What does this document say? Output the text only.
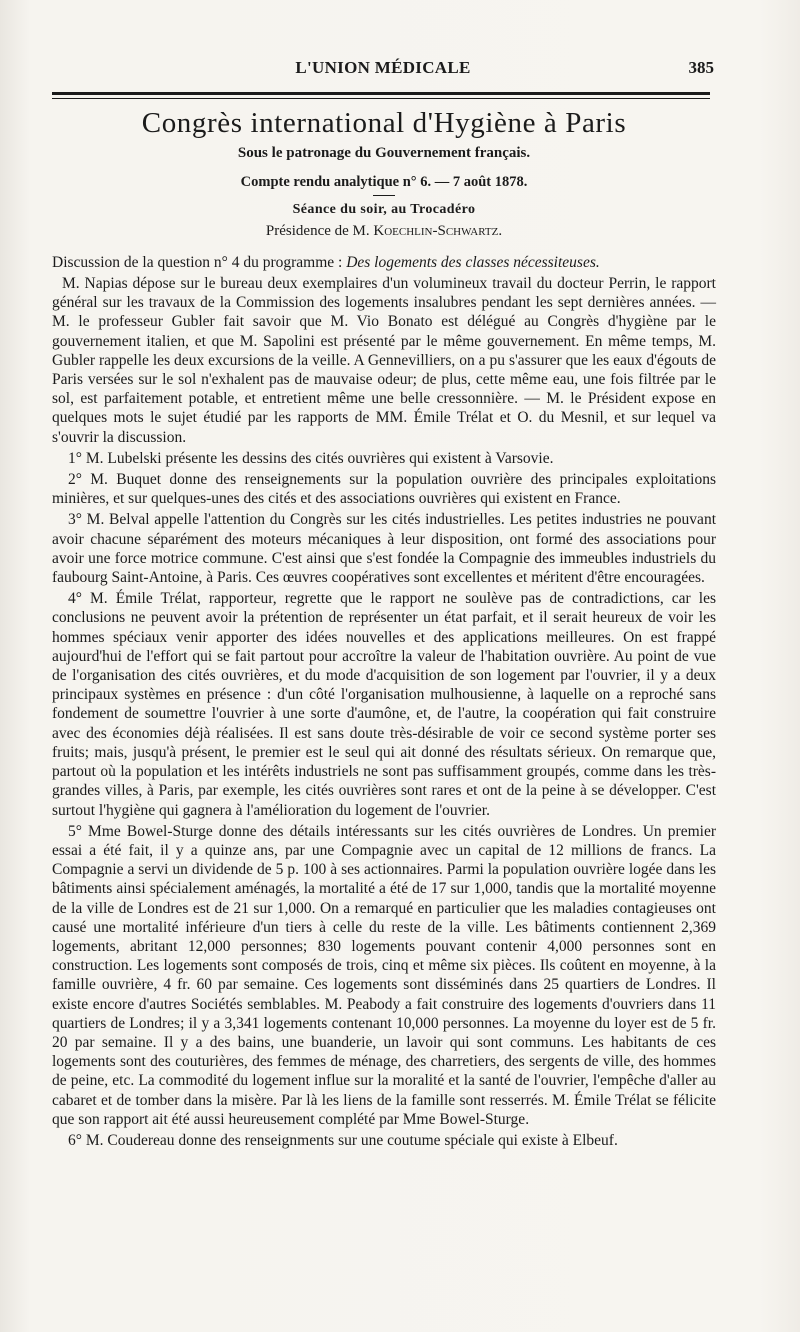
L'UNION MÉDICALE	385
Congrès international d'Hygiène à Paris
Sous le patronage du Gouvernement français.
Compte rendu analytique n° 6. — 7 août 1878.
Séance du soir, au Trocadéro
Présidence de M. Koechlin-Schwartz.
Discussion de la question n° 4 du programme : Des logements des classes nécessiteuses.

M. Napias dépose sur le bureau deux exemplaires d'un volumineux travail du docteur Perrin, le rapport général sur les travaux de la Commission des logements insalubres pendant les sept dernières années. — M. le professeur Gubler fait savoir que M. Vio Bonato est délégué au Congrès d'hygiène par le gouvernement italien, et que M. Sapolini est présenté par le même gouvernement. En même temps, M. Gubler rappelle les deux excursions de la veille. A Gennevilliers, on a pu s'assurer que les eaux d'égouts de Paris versées sur le sol n'exhalent pas de mauvaise odeur; de plus, cette même eau, une fois filtrée par le sol, est parfaitement potable, et entretient même une belle cressonnière. — M. le Président expose en quelques mots le sujet étudié par les rapports de MM. Émile Trélat et O. du Mesnil, et sur lequel va s'ouvrir la discussion.

1° M. Lubelski présente les dessins des cités ouvrières qui existent à Varsovie.

2° M. Buquet donne des renseignements sur la population ouvrière des principales exploitations minières, et sur quelques-unes des cités et des associations ouvrières qui existent en France.

3° M. Belval appelle l'attention du Congrès sur les cités industrielles. Les petites industries ne pouvant avoir chacune séparément des moteurs mécaniques à leur disposition, ont formé des associations pour avoir une force motrice commune. C'est ainsi que s'est fondée la Compagnie des immeubles industriels du faubourg Saint-Antoine, à Paris. Ces œuvres coopératives sont excellentes et méritent d'être encouragées.

4° M. Émile Trélat, rapporteur, regrette que le rapport ne soulève pas de contradictions, car les conclusions ne peuvent avoir la prétention de représenter un état parfait, et il serait heureux de voir les hommes spéciaux venir apporter des idées nouvelles et des applications meilleures. On est frappé aujourd'hui de l'effort qui se fait partout pour accroître la valeur de l'habitation ouvrière. Au point de vue de l'organisation des cités ouvrières, et du mode d'acquisition de son logement par l'ouvrier, il y a deux principaux systèmes en présence : d'un côté l'organisation mulhousienne, à laquelle on a reproché sans fondement de soumettre l'ouvrier à une sorte d'aumône, et, de l'autre, la coopération qui fait construire avec des économies déjà réalisées. Il est sans doute très-désirable de voir ce second système porter ses fruits; mais, jusqu'à présent, le premier est le seul qui ait donné des résultats sérieux. On remarque que, partout où la population et les intérêts industriels ne sont pas suffisamment groupés, comme dans les très-grandes villes, à Paris, par exemple, les cités ouvrières sont rares et ont de la peine à se développer. C'est surtout l'hygiène qui gagnera à l'amélioration du logement de l'ouvrier.

5° Mme Bowel-Sturge donne des détails intéressants sur les cités ouvrières de Londres. Un premier essai a été fait, il y a quinze ans, par une Compagnie avec un capital de 12 millions de francs. La Compagnie a servi un dividende de 5 p. 100 à ses actionnaires. Parmi la population ouvrière logée dans les bâtiments ainsi spécialement aménagés, la mortalité a été de 17 sur 1,000, tandis que la mortalité moyenne de la ville de Londres est de 21 sur 1,000. On a remarqué en particulier que les maladies contagieuses ont causé une mortalité inférieure d'un tiers à celle du reste de la ville. Les bâtiments contiennent 2,369 logements, abritant 12,000 personnes; 830 logements pouvant contenir 4,000 personnes sont en construction. Les logements sont composés de trois, cinq et même six pièces. Ils coûtent en moyenne, à la famille ouvrière, 4 fr. 60 par semaine. Ces logements sont disséminés dans 25 quartiers de Londres. Il existe encore d'autres Sociétés semblables. M. Peabody a fait construire des logements d'ouvriers dans 11 quartiers de Londres; il y a 3,341 logements contenant 10,000 personnes. La moyenne du loyer est de 5 fr. 20 par semaine. Il y a des bains, une buanderie, un lavoir qui sont communs. Les habitants de ces logements sont des couturières, des femmes de ménage, des charretiers, des sergents de ville, des hommes de peine, etc. La commodité du logement influe sur la moralité et la santé de l'ouvrier, l'empêche d'aller au cabaret et de tomber dans la misère. Par là les liens de la famille sont resserrés. M. Émile Trélat se félicite que son rapport ait été aussi heureusement complété par Mme Bowel-Sturge.

6° M. Coudereau donne des renseignments sur une coutume spéciale qui existe à Elbeuf.
